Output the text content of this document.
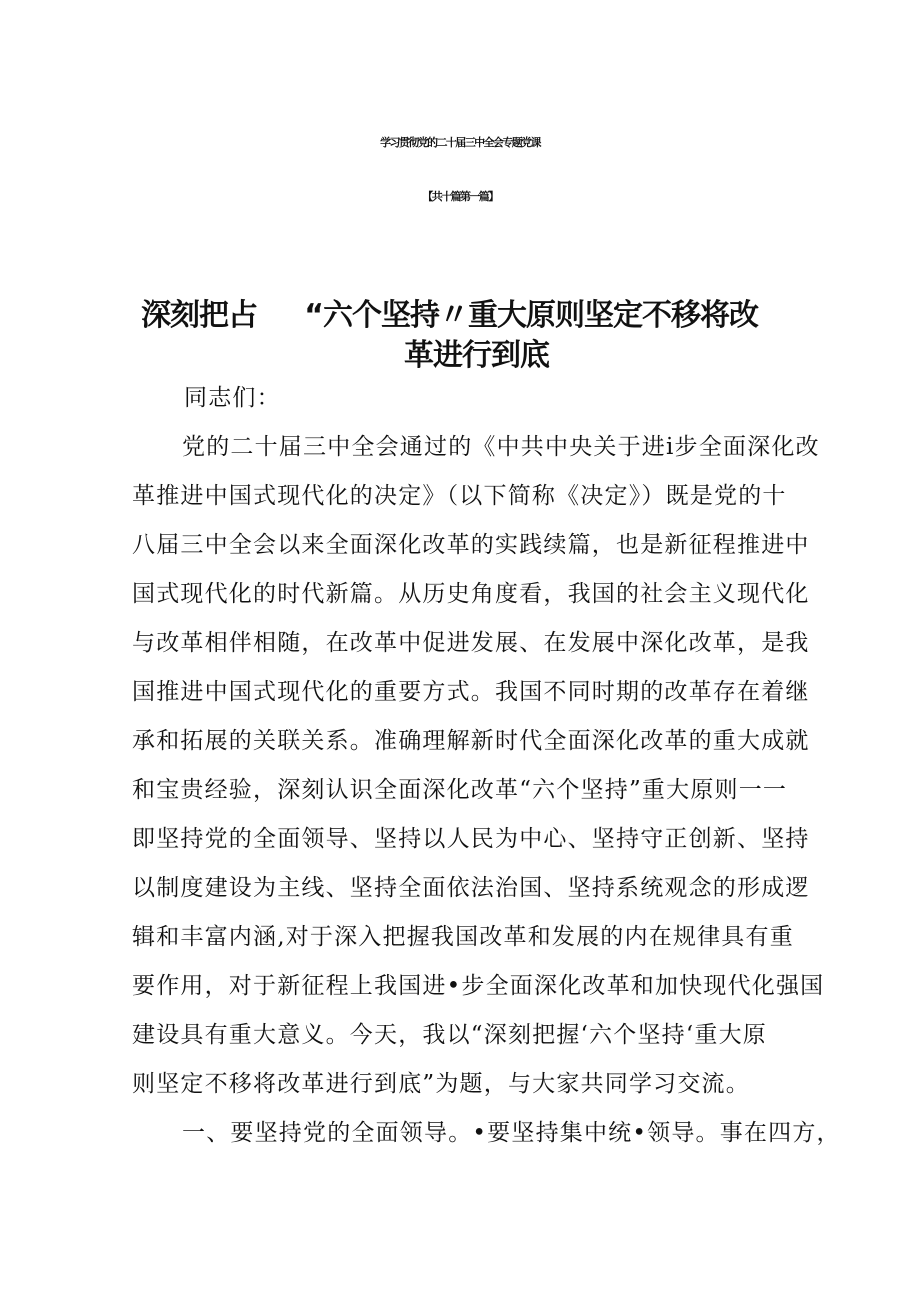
学习贯彻党的二十届三中全会专题党课
【共十篇第一篇】
深刻把占     “六个坚持〃重大原则坚定不移将改
革进行到底

同志们：

党的二十届三中全会通过的《中共中央关于进i步全面深化改

革推进中国式现代化的决定》（以下简称《决定》）既是党的十

八届三中全会以来全面深化改革的实践续篇，也是新征程推进中

国式现代化的时代新篇。从历史角度看，我国的社会主义现代化

与改革相伴相随，在改革中促进发展、在发展中深化改革，是我

国推进中国式现代化的重要方式。我国不同时期的改革存在着继

承和拓展的关联关系。准确理解新时代全面深化改革的重大成就

和宝贵经验，深刻认识全面深化改革“六个坚持”重大原则一一

即坚持党的全面领导、坚持以人民为中心、坚持守正创新、坚持

以制度建设为主线、坚持全面依法治国、坚持系统观念的形成逻

辑和丰富内涵,对于深入把握我国改革和发展的内在规律具有重

要作用，对于新征程上我国进•步全面深化改革和加快现代化强国

建设具有重大意义。今天，我以“深刻把握‘六个坚持‘重大原

则坚定不移将改革进行到底”为题，与大家共同学习交流。

一、要坚持党的全面领导。•要坚持集中统•领导。事在四方，
